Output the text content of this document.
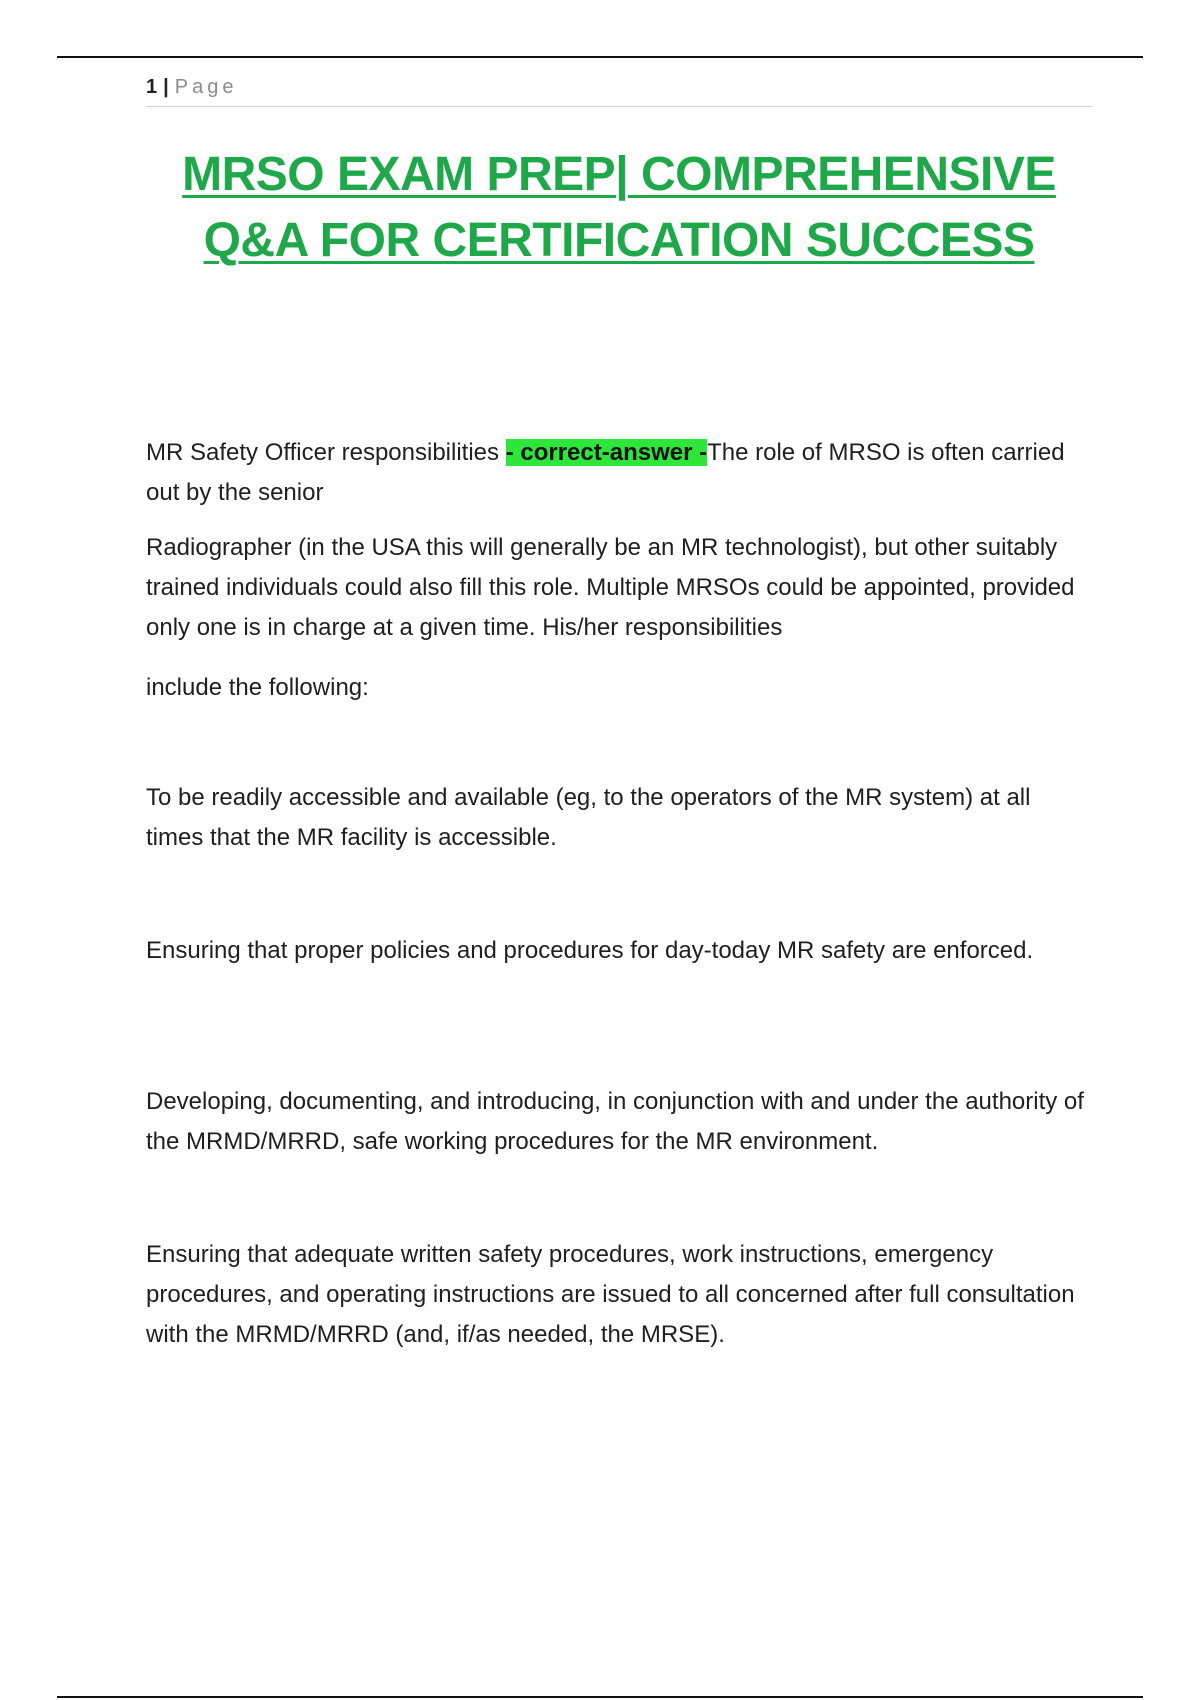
1 | Page
MRSO EXAM PREP| COMPREHENSIVE Q&A FOR CERTIFICATION SUCCESS

MR Safety Officer responsibilities - correct-answer -The role of MRSO is often carried out by the senior

Radiographer (in the USA this will generally be an MR technologist), but other suitably trained individuals could also fill this role. Multiple MRSOs could be appointed, provided only one is in charge at a given time. His/her responsibilities

include the following:

To be readily accessible and available (eg, to the operators of the MR system) at all times that the MR facility is accessible.

Ensuring that proper policies and procedures for day-today MR safety are enforced.

Developing, documenting, and introducing, in conjunction with and under the authority of the MRMD/MRRD, safe working procedures for the MR environment.

Ensuring that adequate written safety procedures, work instructions, emergency procedures, and operating instructions are issued to all concerned after full consultation with the MRMD/MRRD (and, if/as needed, the MRSE).
